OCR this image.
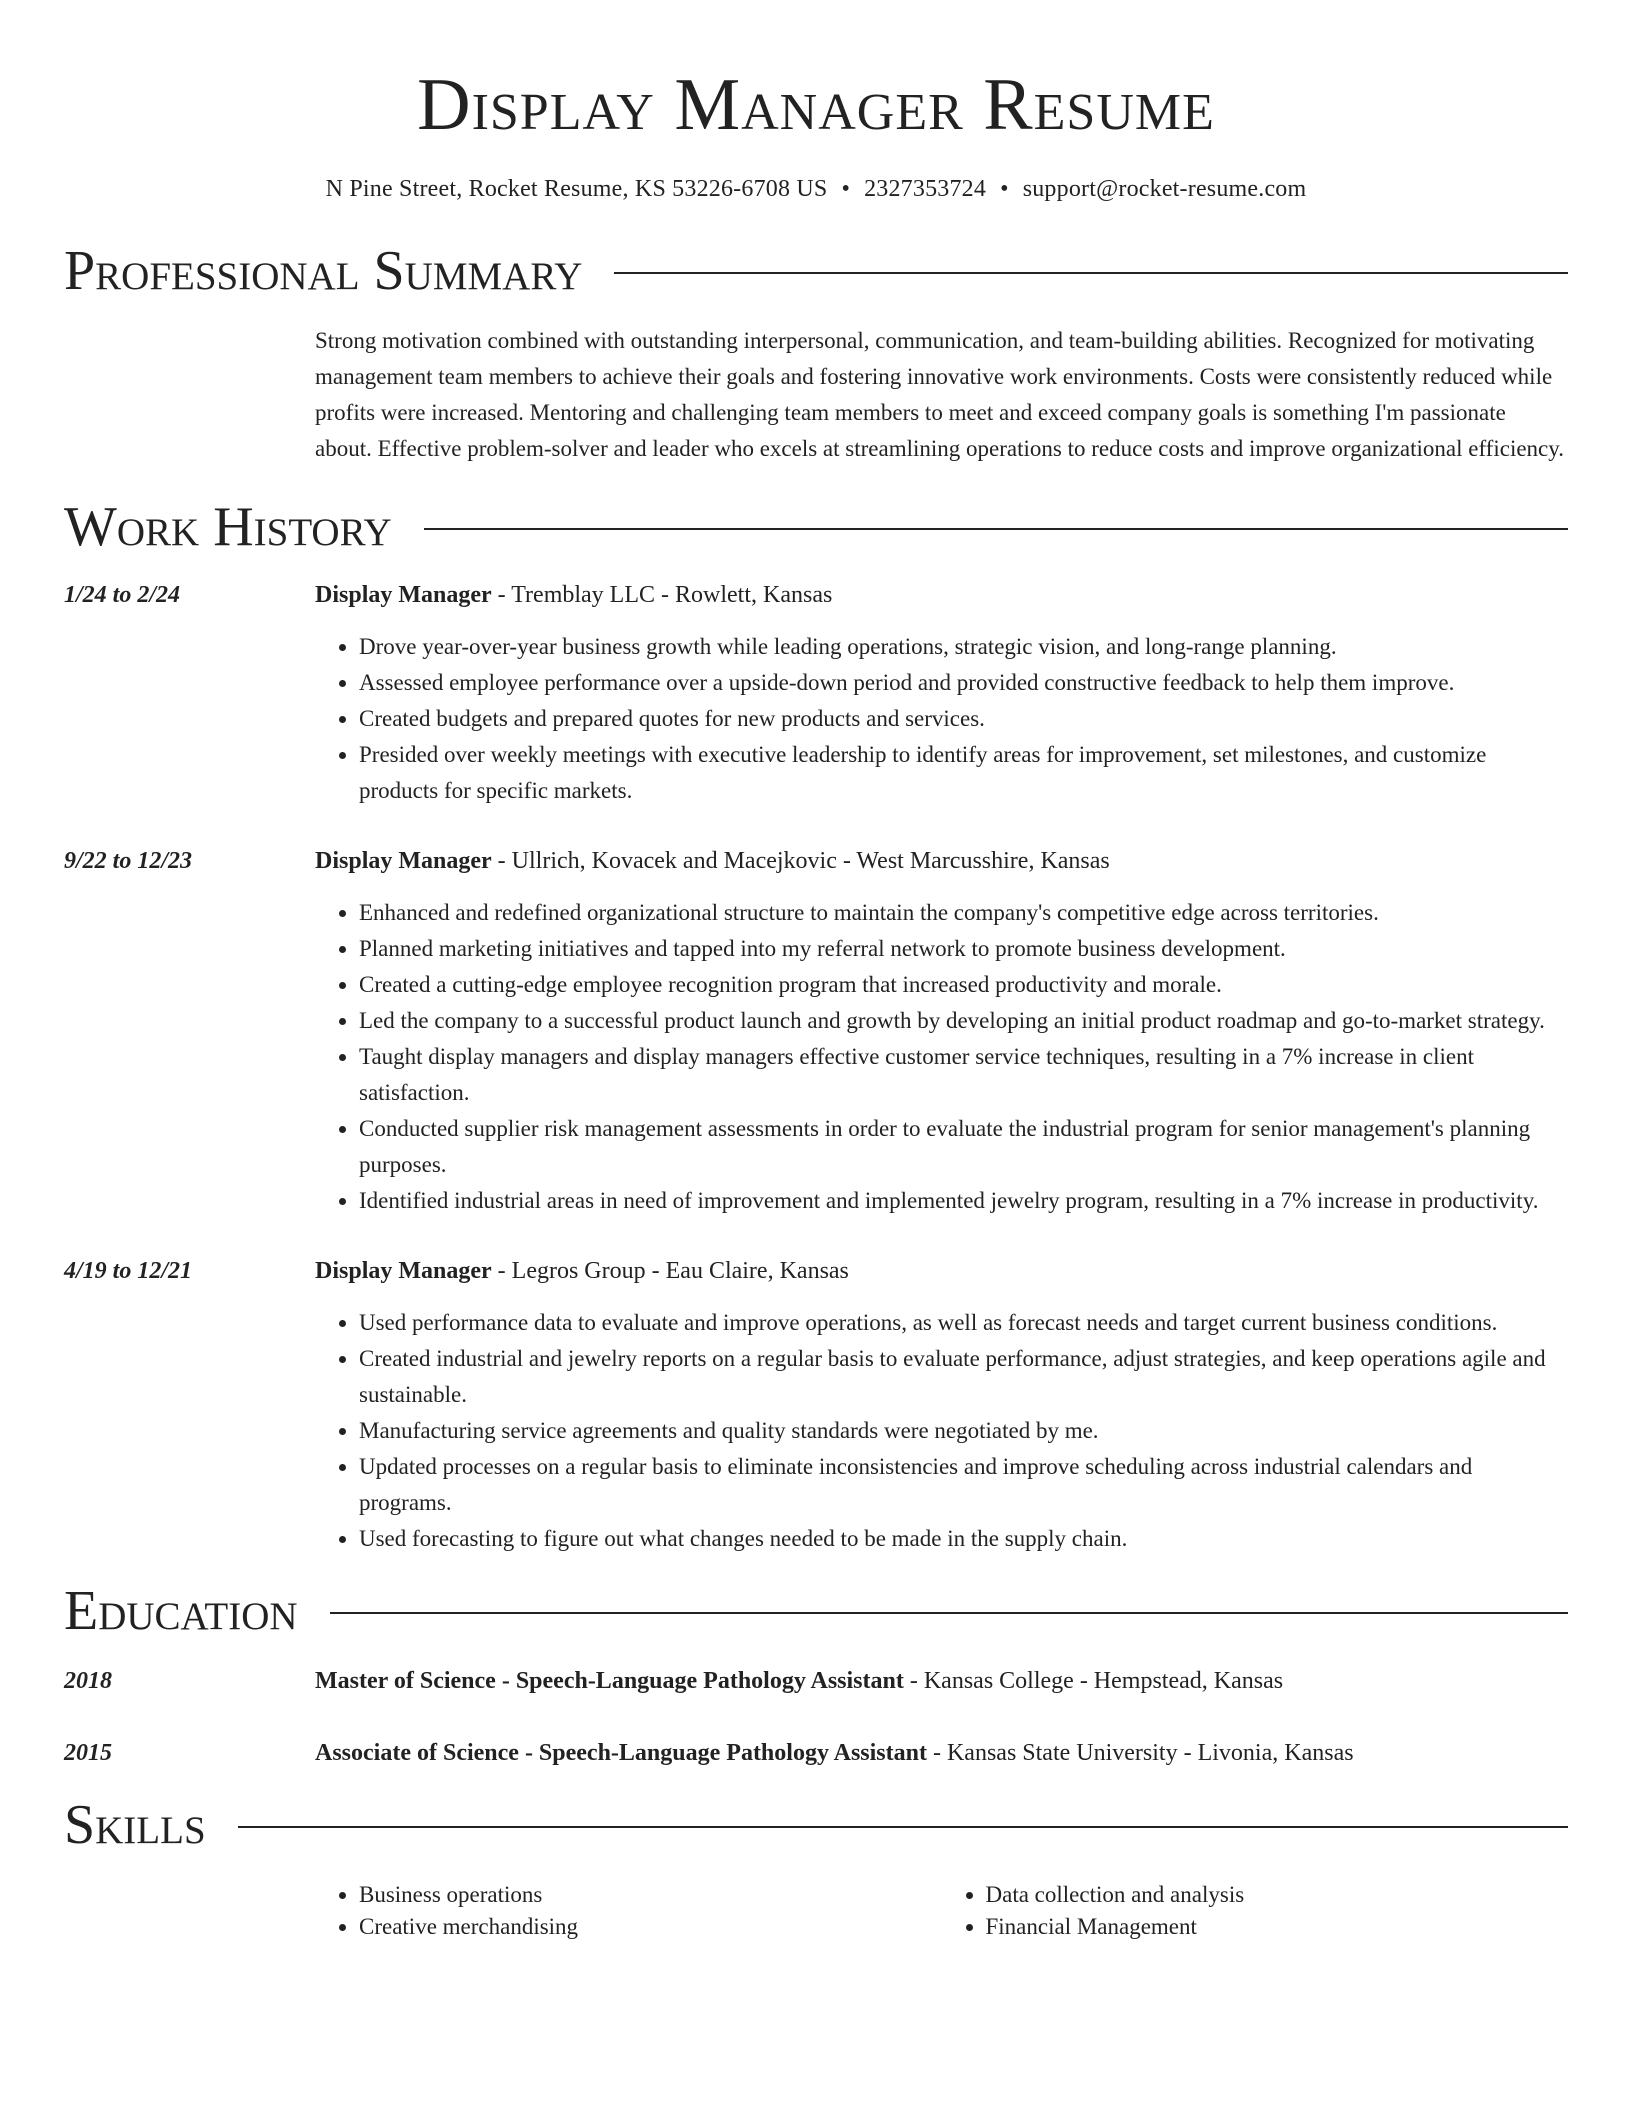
Display Manager Resume
N Pine Street, Rocket Resume, KS 53226-6708 US • 2327353724 • support@rocket-resume.com
Professional Summary
Strong motivation combined with outstanding interpersonal, communication, and team-building abilities. Recognized for motivating management team members to achieve their goals and fostering innovative work environments. Costs were consistently reduced while profits were increased. Mentoring and challenging team members to meet and exceed company goals is something I'm passionate about. Effective problem-solver and leader who excels at streamlining operations to reduce costs and improve organizational efficiency.
Work History
1/24 to 2/24	Display Manager - Tremblay LLC - Rowlett, Kansas
• Drove year-over-year business growth while leading operations, strategic vision, and long-range planning.
• Assessed employee performance over a upside-down period and provided constructive feedback to help them improve.
• Created budgets and prepared quotes for new products and services.
• Presided over weekly meetings with executive leadership to identify areas for improvement, set milestones, and customize products for specific markets.
9/22 to 12/23	Display Manager - Ullrich, Kovacek and Macejkovic - West Marcusshire, Kansas
• Enhanced and redefined organizational structure to maintain the company's competitive edge across territories.
• Planned marketing initiatives and tapped into my referral network to promote business development.
• Created a cutting-edge employee recognition program that increased productivity and morale.
• Led the company to a successful product launch and growth by developing an initial product roadmap and go-to-market strategy.
• Taught display managers and display managers effective customer service techniques, resulting in a 7% increase in client satisfaction.
• Conducted supplier risk management assessments in order to evaluate the industrial program for senior management's planning purposes.
• Identified industrial areas in need of improvement and implemented jewelry program, resulting in a 7% increase in productivity.
4/19 to 12/21	Display Manager - Legros Group - Eau Claire, Kansas
• Used performance data to evaluate and improve operations, as well as forecast needs and target current business conditions.
• Created industrial and jewelry reports on a regular basis to evaluate performance, adjust strategies, and keep operations agile and sustainable.
• Manufacturing service agreements and quality standards were negotiated by me.
• Updated processes on a regular basis to eliminate inconsistencies and improve scheduling across industrial calendars and programs.
• Used forecasting to figure out what changes needed to be made in the supply chain.
Education
2018	Master of Science - Speech-Language Pathology Assistant - Kansas College - Hempstead, Kansas
2015	Associate of Science - Speech-Language Pathology Assistant - Kansas State University - Livonia, Kansas
Skills
• Business operations
• Creative merchandising
• Data collection and analysis
• Financial Management
